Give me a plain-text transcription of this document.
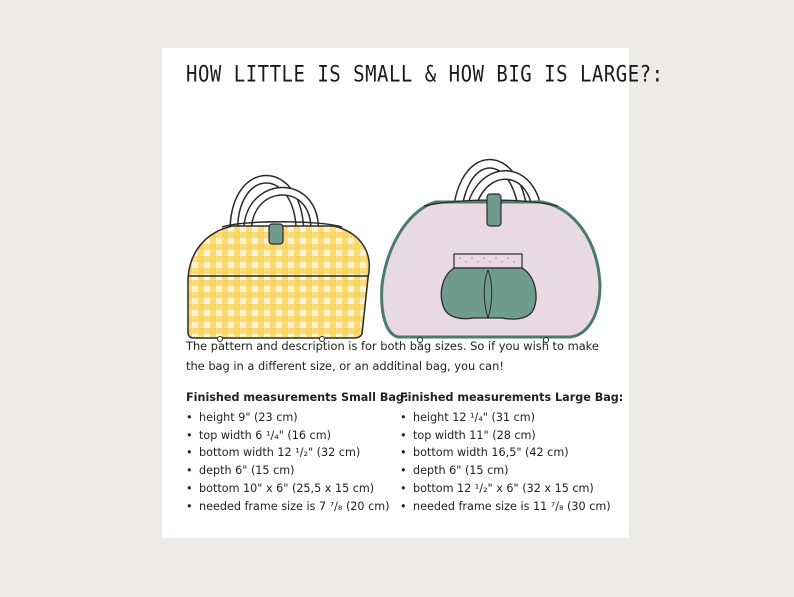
HOW LITTLE IS SMALL & HOW BIG IS LARGE?:
The pattern and description is for both bag sizes. So if you wish to make the bag in a different size, or an additinal bag, you can!
Finished measurements Small Bag:
• height 9" (23 cm)
• top width 6 ¹/₄" (16 cm)
• bottom width 12 ¹/₂" (32 cm)
• depth 6" (15 cm)
• bottom 10" x 6" (25,5 x 15 cm)
• needed frame size is 7 ⁷/₈ (20 cm)
Finished measurements Large Bag:
• height 12 ¹/₄" (31 cm)
• top width 11" (28 cm)
• bottom width 16,5" (42 cm)
• depth 6" (15 cm)
• bottom 12 ¹/₂" x 6" (32 x 15 cm)
• needed frame size is 11 ⁷/₈ (30 cm)
